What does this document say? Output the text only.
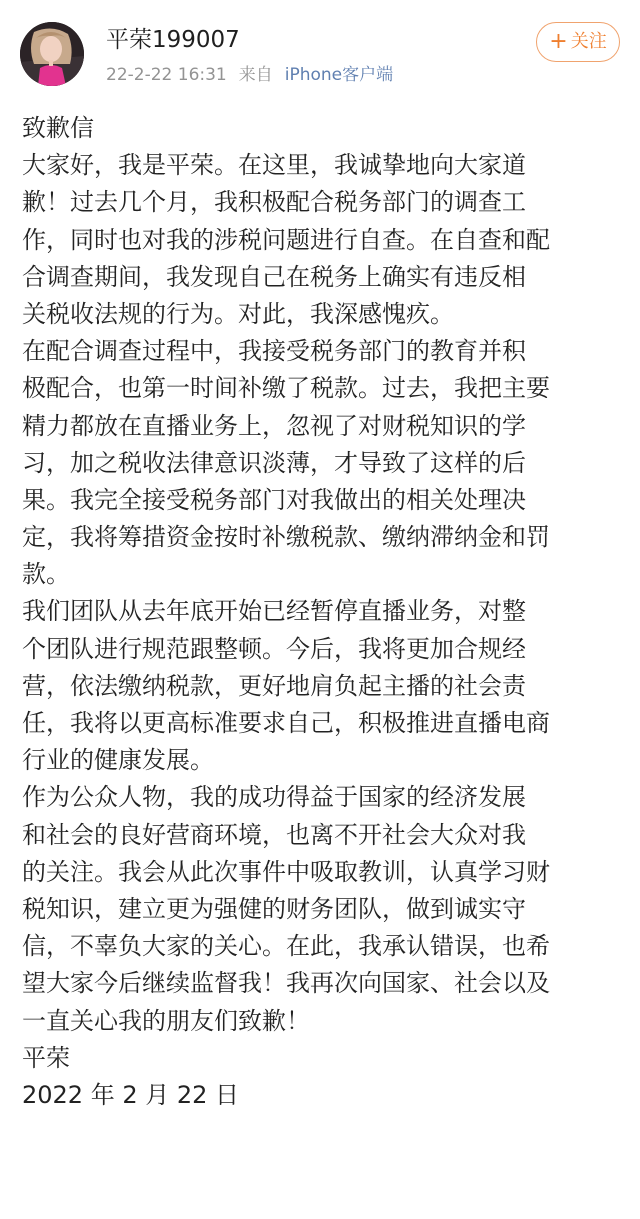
平荣199007
22-2-22 16:31 来自 iPhone客户端
+ 关注
致歉信
大家好，我是平荣。在这里，我诚挚地向大家道
歉！过去几个月，我积极配合税务部门的调查工
作，同时也对我的涉税问题进行自查。在自查和配
合调查期间，我发现自己在税务上确实有违反相
关税收法规的行为。对此，我深感愧疚。
在配合调查过程中，我接受税务部门的教育并积
极配合，也第一时间补缴了税款。过去，我把主要
精力都放在直播业务上，忽视了对财税知识的学
习，加之税收法律意识淡薄，才导致了这样的后
果。我完全接受税务部门对我做出的相关处理决
定，我将筹措资金按时补缴税款、缴纳滞纳金和罚
款。
我们团队从去年底开始已经暂停直播业务，对整
个团队进行规范跟整顿。今后，我将更加合规经
营，依法缴纳税款，更好地肩负起主播的社会责
任，我将以更高标准要求自己，积极推进直播电商
行业的健康发展。
作为公众人物，我的成功得益于国家的经济发展
和社会的良好营商环境，也离不开社会大众对我
的关注。我会从此次事件中吸取教训，认真学习财
税知识，建立更为强健的财务团队，做到诚实守
信，不辜负大家的关心。在此，我承认错误，也希
望大家今后继续监督我！我再次向国家、社会以及
一直关心我的朋友们致歉！
平荣
2022 年 2 月 22 日
